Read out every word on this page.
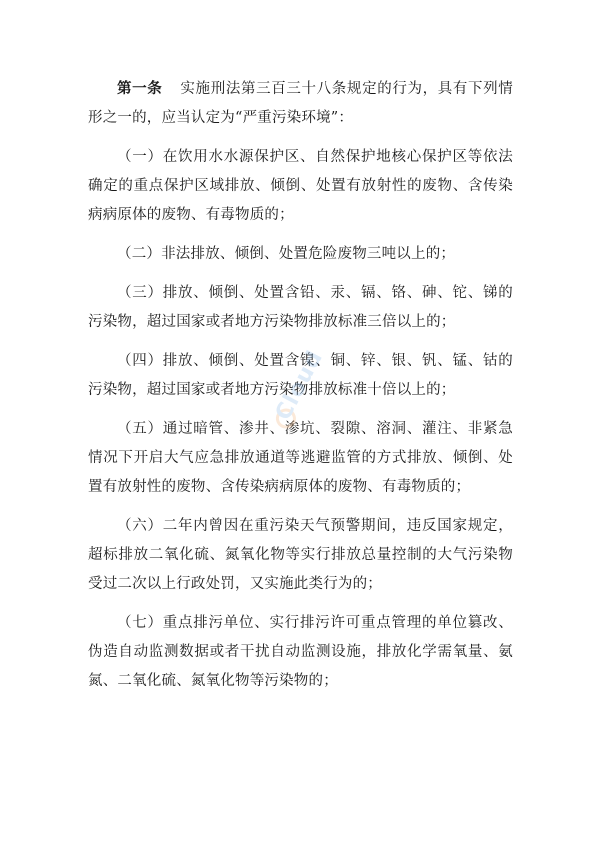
第一条 实施刑法第三百三十八条规定的行为，具有下列情形之一的，应当认定为“严重污染环境”：

（一）在饮用水水源保护区、自然保护地核心保护区等依法确定的重点保护区域排放、倾倒、处置有放射性的废物、含传染病病原体的废物、有毒物质的；

（二）非法排放、倾倒、处置危险废物三吨以上的；

（三）排放、倾倒、处置含铅、汞、镉、铬、砷、铊、锑的污染物，超过国家或者地方污染物排放标准三倍以上的；

（四）排放、倾倒、处置含镍、铜、锌、银、钒、锰、钴的污染物，超过国家或者地方污染物排放标准十倍以上的；

（五）通过暗管、渗井、渗坑、裂隙、溶洞、灌注、非紧急情况下开启大气应急排放通道等逃避监管的方式排放、倾倒、处置有放射性的废物、含传染病病原体的废物、有毒物质的；

（六）二年内曾因在重污染天气预警期间，违反国家规定，超标排放二氧化硫、氮氧化物等实行排放总量控制的大气污染物受过二次以上行政处罚，又实施此类行为的；

（七）重点排污单位、实行排污许可重点管理的单位篡改、伪造自动监测数据或者干扰自动监测设施，排放化学需氧量、氨氮、二氧化硫、氮氧化物等污染物的；

Cloud
